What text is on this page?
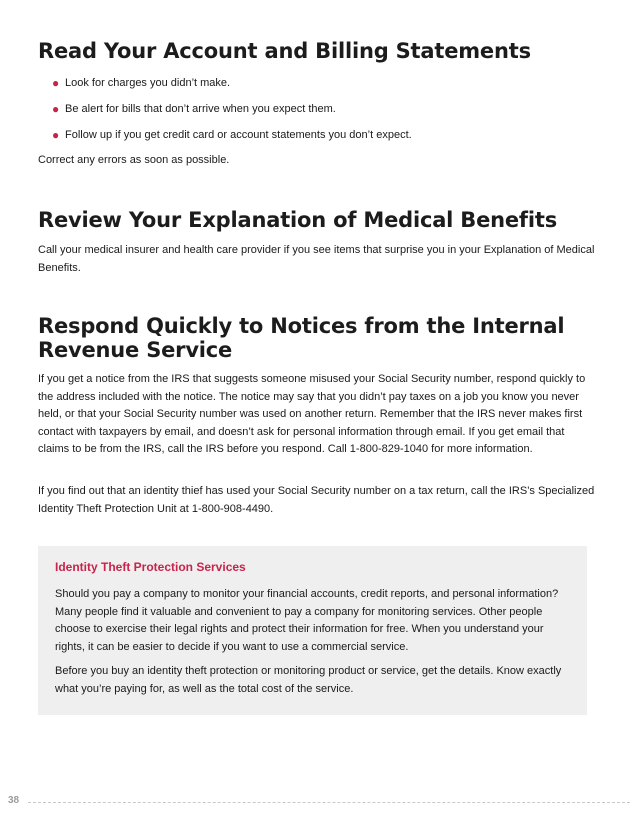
Read Your Account and Billing Statements
● Look for charges you didn’t make.
● Be alert for bills that don’t arrive when you expect them.
● Follow up if you get credit card or account statements you don’t expect.

Correct any errors as soon as possible.

Review Your Explanation of Medical Benefits

Call your medical insurer and health care provider if you see items that surprise you in your Explanation of Medical Benefits.

Respond Quickly to Notices from the Internal
Revenue Service

If you get a notice from the IRS that suggests someone misused your Social Security number, respond quickly to the address included with the notice. The notice may say that you didn’t pay taxes on a job you know you never held, or that your Social Security number was used on another return. Remember that the IRS never makes first contact with taxpayers by email, and doesn’t ask for personal information through email. If you get email that claims to be from the IRS, call the IRS before you respond. Call 1-800-829-1040 for more information.

If you find out that an identity thief has used your Social Security number on a tax return, call the IRS’s Specialized Identity Theft Protection Unit at 1-800-908-4490.

Identity Theft Protection Services

Should you pay a company to monitor your financial accounts, credit reports, and personal information? Many people find it valuable and convenient to pay a company for monitoring services. Other people choose to exercise their legal rights and protect their information for free. When you understand your rights, it can be easier to decide if you want to use a commercial service.

Before you buy an identity theft protection or monitoring product or service, get the details. Know exactly what you’re paying for, as well as the total cost of the service.

38
